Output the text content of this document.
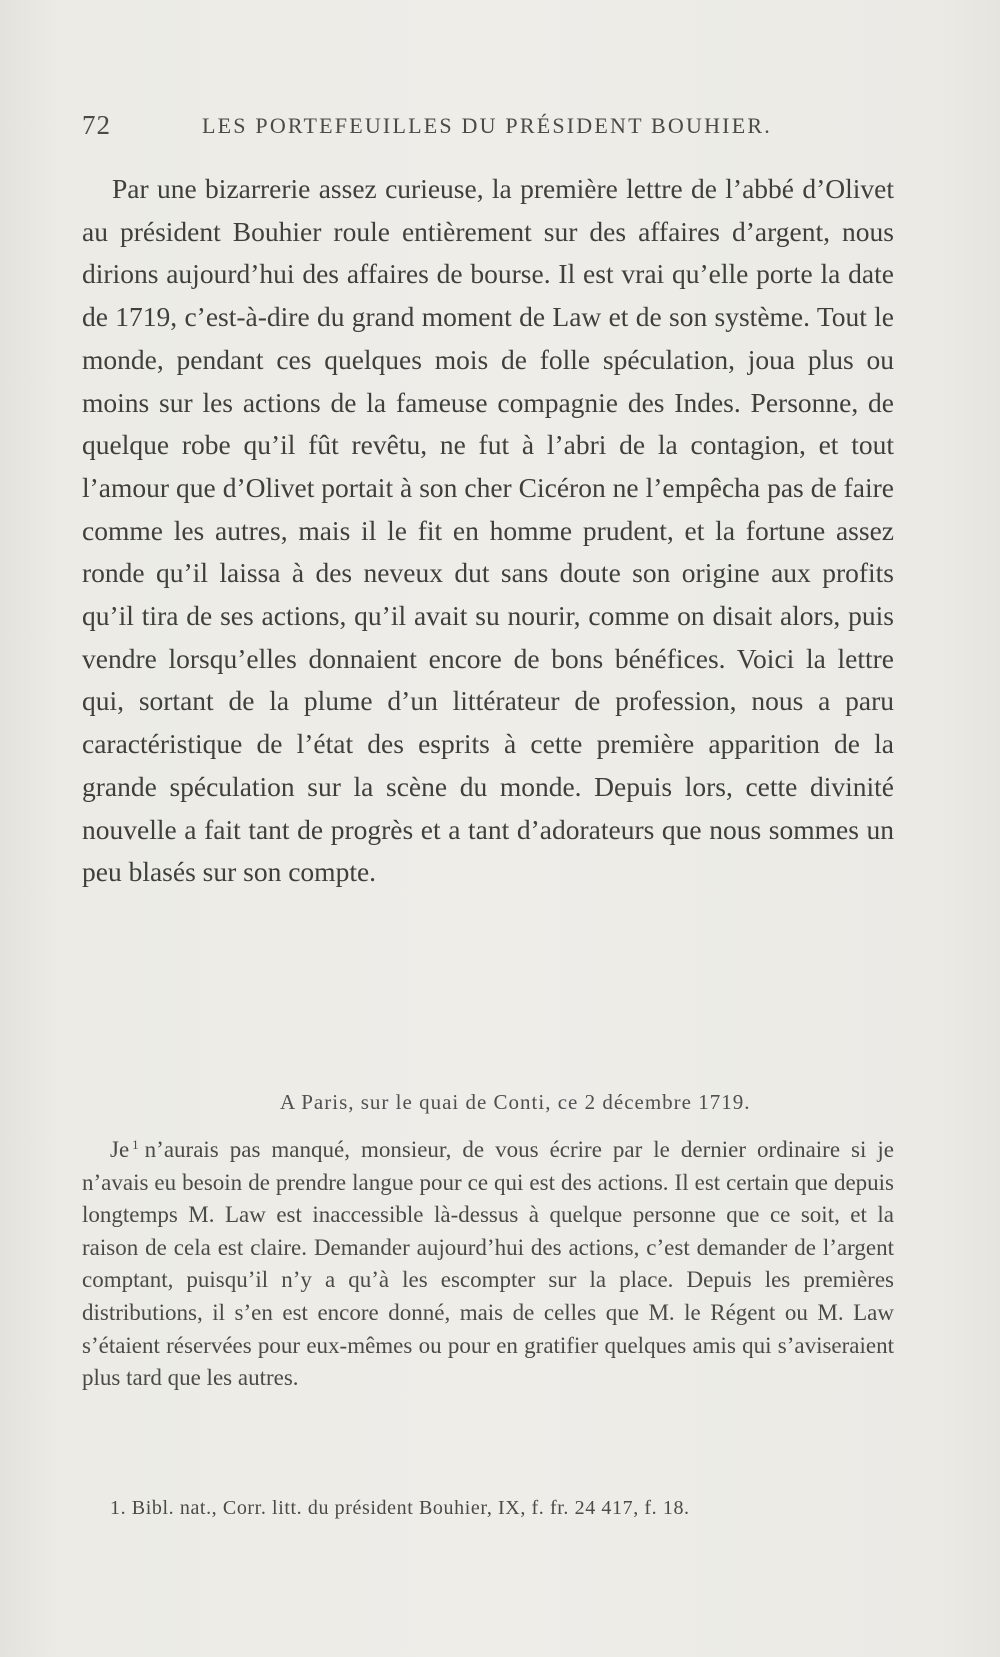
72	LES PORTEFEUILLES DU PRÉSIDENT BOUHIER.

Par une bizarrerie assez curieuse, la première lettre de l’abbé d’Olivet au président Bouhier roule entièrement sur des affaires d’argent, nous dirions aujourd’hui des affaires de bourse. Il est vrai qu’elle porte la date de 1719, c’est-à-dire du grand moment de Law et de son système. Tout le monde, pendant ces quelques mois de folle spéculation, joua plus ou moins sur les actions de la fameuse compagnie des Indes. Personne, de quelque robe qu’il fût revêtu, ne fut à l’abri de la contagion, et tout l’amour que d’Olivet portait à son cher Cicéron ne l’empêcha pas de faire comme les autres, mais il le fit en homme prudent, et la fortune assez ronde qu’il laissa à des neveux dut sans doute son origine aux profits qu’il tira de ses actions, qu’il avait su nourir, comme on disait alors, puis vendre lorsqu’elles donnaient encore de bons bénéfices. Voici la lettre qui, sortant de la plume d’un littérateur de profession, nous a paru caractéristique de l’état des esprits à cette première apparition de la grande spéculation sur la scène du monde. Depuis lors, cette divinité nouvelle a fait tant de progrès et a tant d’adorateurs que nous sommes un peu blasés sur son compte.

A Paris, sur le quai de Conti, ce 2 décembre 1719.

Je $^1$ n’aurais pas manqué, monsieur, de vous écrire par le dernier ordinaire si je n’avais eu besoin de prendre langue pour ce qui est des actions. Il est certain que depuis longtemps M. Law est inaccessible là-dessus à quelque personne que ce soit, et la raison de cela est claire. Demander aujourd’hui des actions, c’est demander de l’argent comptant, puisqu’il n’y a qu’à les escompter sur la place. Depuis les premières distributions, il s’en est encore donné, mais de celles que M. le Régent ou M. Law s’étaient réservées pour eux-mêmes ou pour en gratifier quelques amis qui s’aviseraient plus tard que les autres.

1. Bibl. nat., Corr. litt. du président Bouhier, IX, f. fr. 24 417, f. 18.
